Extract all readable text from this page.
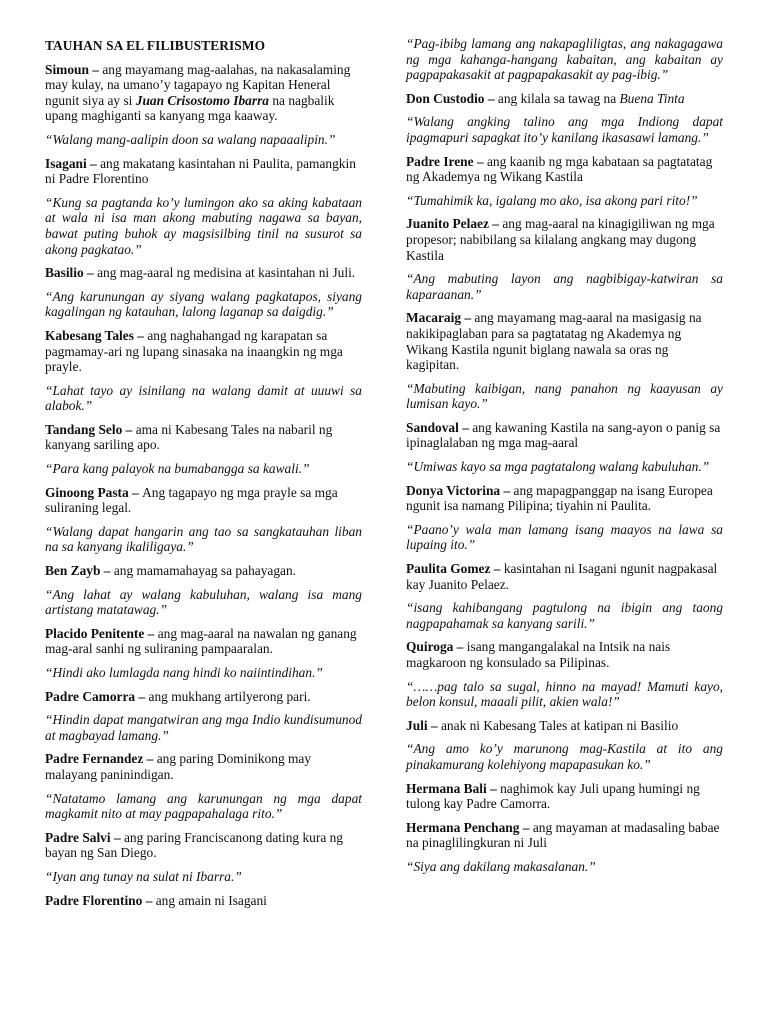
TAUHAN SA EL FILIBUSTERISMO

Simoun – ang mayamang mag-aalahas, na nakasalaming may kulay, na umano’y tagapayo ng Kapitan Heneral ngunit siya ay si Juan Crisostomo Ibarra na nagbalik upang maghiganti sa kanyang mga kaaway.

“Walang mang-aalipin doon sa walang napaaalipin.”

Isagani – ang makatang kasintahan ni Paulita, pamangkin ni Padre Florentino

“Kung sa pagtanda ko’y lumingon ako sa aking kabataan at wala ni isa man akong mabuting nagawa sa bayan, bawat puting buhok ay magsisilbing tinil na susurot sa akong pagkatao.”

Basilio – ang mag-aaral ng medisina at kasintahan ni Juli.

“Ang karunungan ay siyang walang pagkatapos, siyang kagalingan ng katauhan, lalong laganap sa daigdig.”

Kabesang Tales – ang naghahangad ng karapatan sa pagmamay-ari ng lupang sinasaka na inaangkin ng mga prayle.

“Lahat tayo ay isinilang na walang damit at uuuwi sa alabok.”

Tandang Selo – ama ni Kabesang Tales na nabaril ng kanyang sariling apo.

“Para kang palayok na bumabangga sa kawali.”

Ginoong Pasta – Ang tagapayo ng mga prayle sa mga suliraning legal.

“Walang dapat hangarin ang tao sa sangkatauhan liban na sa kanyang ikaliligaya.”

Ben Zayb – ang mamamahayag sa pahayagan.

“Ang lahat ay walang kabuluhan, walang isa mang artistang matatawag.”

Placido Penitente – ang mag-aaral na nawalan ng ganang mag-aral sanhi ng suliraning pampaaralan.

“Hindi ako lumlagda nang hindi ko naiintindihan.”

Padre Camorra – ang mukhang artilyerong pari.

“Hindin dapat mangatwiran ang mga Indio kundisumunod at magbayad lamang.”

Padre Fernandez – ang paring Dominikong may malayang paninindigan.

“Natatamo lamang ang karunungan ng mga dapat magkamit nito at may pagpapahalaga rito.”

Padre Salvi – ang paring Franciscanong dating kura ng bayan ng San Diego.

“Iyan ang tunay na sulat ni Ibarra.”

Padre Florentino – ang amain ni Isagani

“Pag-ibibg lamang ang nakapagliligtas, ang nakagagawa ng mga kahanga-hangang kabaitan, ang kabaitan ay pagpapakasakit at pagpapakasakit ay pag-ibig.”

Don Custodio – ang kilala sa tawag na Buena Tinta

“Walang angking talino ang mga Indiong dapat ipagmapuri sapagkat ito’y kanilang ikasasawi lamang.”

Padre Irene – ang kaanib ng mga kabataan sa pagtatatag ng Akademya ng Wikang Kastila

“Tumahimik ka, igalang mo ako, isa akong pari rito!”

Juanito Pelaez – ang mag-aaral na kinagigiliwan ng mga propesor; nabibilang sa kilalang angkang may dugong Kastila

“Ang mabuting layon ang nagbibigay-katwiran sa kaparaanan.”

Macaraig – ang mayamang mag-aaral na masigasig na nakikipaglaban para sa pagtatatag ng Akademya ng Wikang Kastila ngunit biglang nawala sa oras ng kagipitan.

“Mabuting kaibigan, nang panahon ng kaayusan ay lumisan kayo.”

Sandoval – ang kawaning Kastila na sang-ayon o panig sa ipinaglalaban ng mga mag-aaral

“Umiwas kayo sa mga pagtatalong walang kabuluhan.”

Donya Victorina – ang mapagpanggap na isang Europea ngunit isa namang Pilipina; tiyahin ni Paulita.

“Paano’y wala man lamang isang maayos na lawa sa lupaing ito.”

Paulita Gomez – kasintahan ni Isagani ngunit nagpakasal kay Juanito Pelaez.

“isang kahibangang pagtulong na ibigin ang taong nagpapahamak sa kanyang sarili.”

Quiroga – isang mangangalakal na Intsik na nais magkaroon ng konsulado sa Pilipinas.

“……pag talo sa sugal, hinno na mayad! Mamuti kayo, belon konsul, maaali pilit, akien wala!”

Juli – anak ni Kabesang Tales at katipan ni Basilio

“Ang amo ko’y marunong mag-Kastila at ito ang pinakamurang kolehiyong mapapasukan ko.”

Hermana Bali – naghimok kay Juli upang humingi ng tulong kay Padre Camorra.

Hermana Penchang – ang mayaman at madasaling babae na pinaglilingkuran ni Juli

“Siya ang dakilang makasalanan.”
